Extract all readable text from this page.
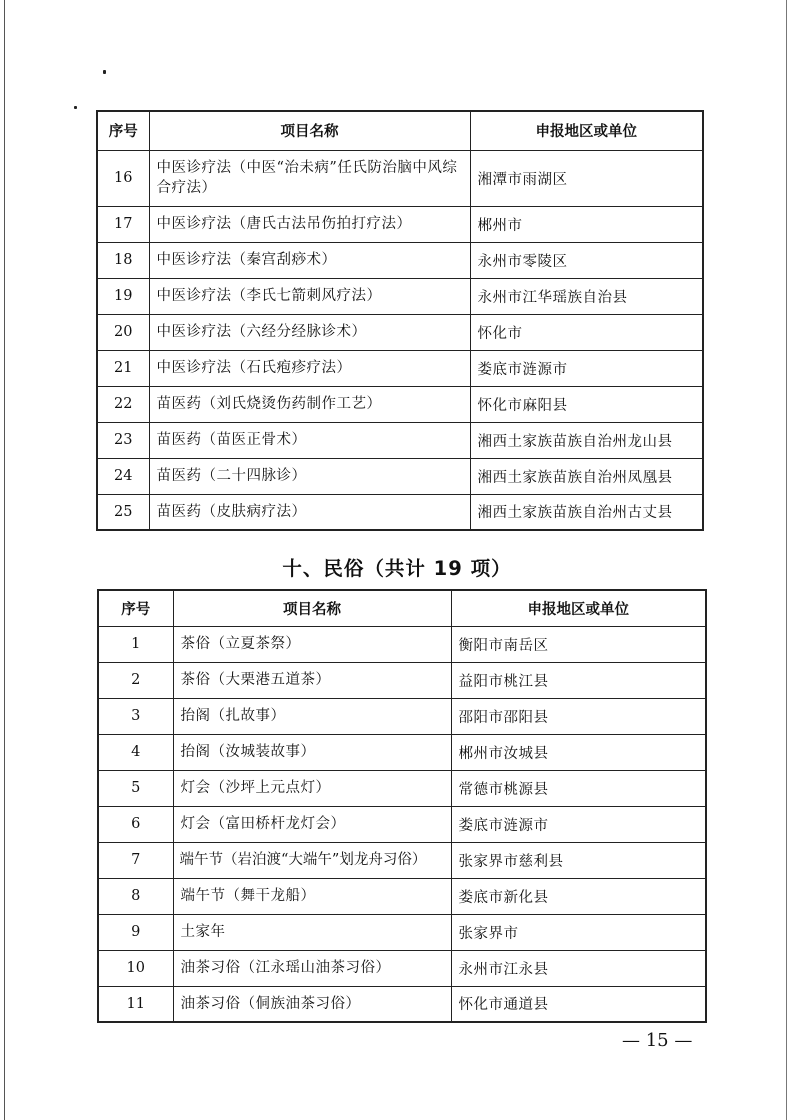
序号	项目名称	申报地区或单位
16	中医诊疗法（中医“治未病”任氏防治脑中风综合疗法）	湘潭市雨湖区
17	中医诊疗法（唐氏古法吊伤拍打疗法）	郴州市
18	中医诊疗法（秦宫刮痧术）	永州市零陵区
19	中医诊疗法（李氏七箭刺风疗法）	永州市江华瑶族自治县
20	中医诊疗法（六经分经脉诊术）	怀化市
21	中医诊疗法（石氏疱疹疗法）	娄底市涟源市
22	苗医药（刘氏烧烫伤药制作工艺）	怀化市麻阳县
23	苗医药（苗医正骨术）	湘西土家族苗族自治州龙山县
24	苗医药（二十四脉诊）	湘西土家族苗族自治州凤凰县
25	苗医药（皮肤病疗法）	湘西土家族苗族自治州古丈县
十、民俗（共计 19 项）
序号	项目名称	申报地区或单位
1	茶俗（立夏茶祭）	衡阳市南岳区
2	茶俗（大栗港五道茶）	益阳市桃江县
3	抬阁（扎故事）	邵阳市邵阳县
4	抬阁（汝城装故事）	郴州市汝城县
5	灯会（沙坪上元点灯）	常德市桃源县
6	灯会（富田桥杆龙灯会）	娄底市涟源市
7	端午节（岩泊渡“大端午”划龙舟习俗）	张家界市慈利县
8	端午节（舞干龙船）	娄底市新化县
9	土家年	张家界市
10	油茶习俗（江永瑶山油茶习俗）	永州市江永县
11	油茶习俗（侗族油茶习俗）	怀化市通道县
— 15 —
